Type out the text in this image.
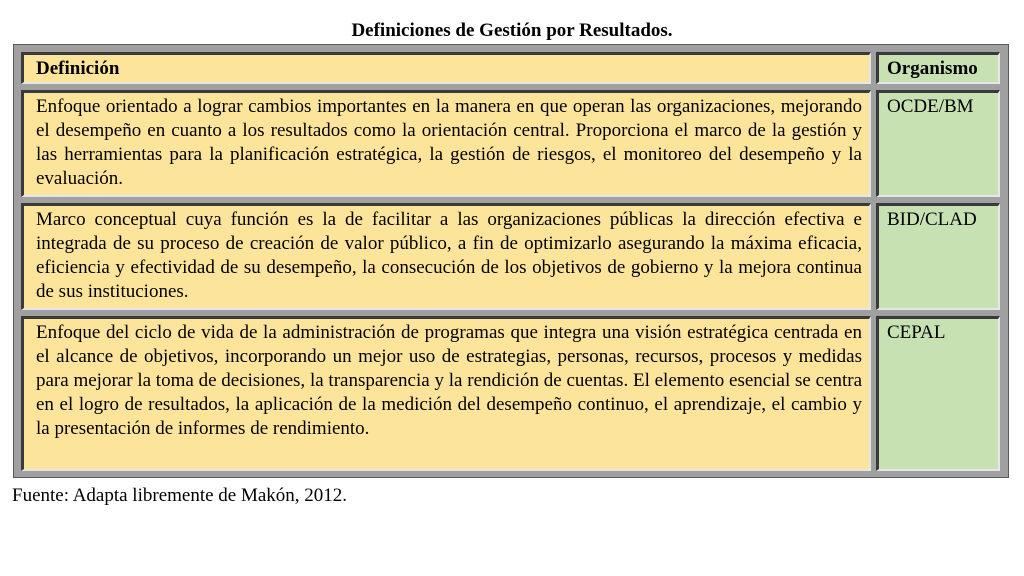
Definiciones de Gestión por Resultados.
Definición	Organismo
Enfoque orientado a lograr cambios importantes en la manera en que operan las organizaciones, mejorando el desempeño en cuanto a los resultados como la orientación central. Proporciona el marco de la gestión y las herramientas para la planificación estratégica, la gestión de riesgos, el monitoreo del desempeño y la evaluación.
OCDE/BM
Marco conceptual cuya función es la de facilitar a las organizaciones públicas la dirección efectiva e integrada de su proceso de creación de valor público, a fin de optimizarlo asegurando la máxima eficacia, eficiencia y efectividad de su desempeño, la consecución de los objetivos de gobierno y la mejora continua de sus instituciones.
BID/CLAD
Enfoque del ciclo de vida de la administración de programas que integra una visión estratégica centrada en el alcance de objetivos, incorporando un mejor uso de estrategias, personas, recursos, procesos y medidas para mejorar la toma de decisiones, la transparencia y la rendición de cuentas. El elemento esencial se centra en el logro de resultados, la aplicación de la medición del desempeño continuo, el aprendizaje, el cambio y la presentación de informes de rendimiento.
CEPAL
Fuente: Adapta libremente de Makón, 2012.
